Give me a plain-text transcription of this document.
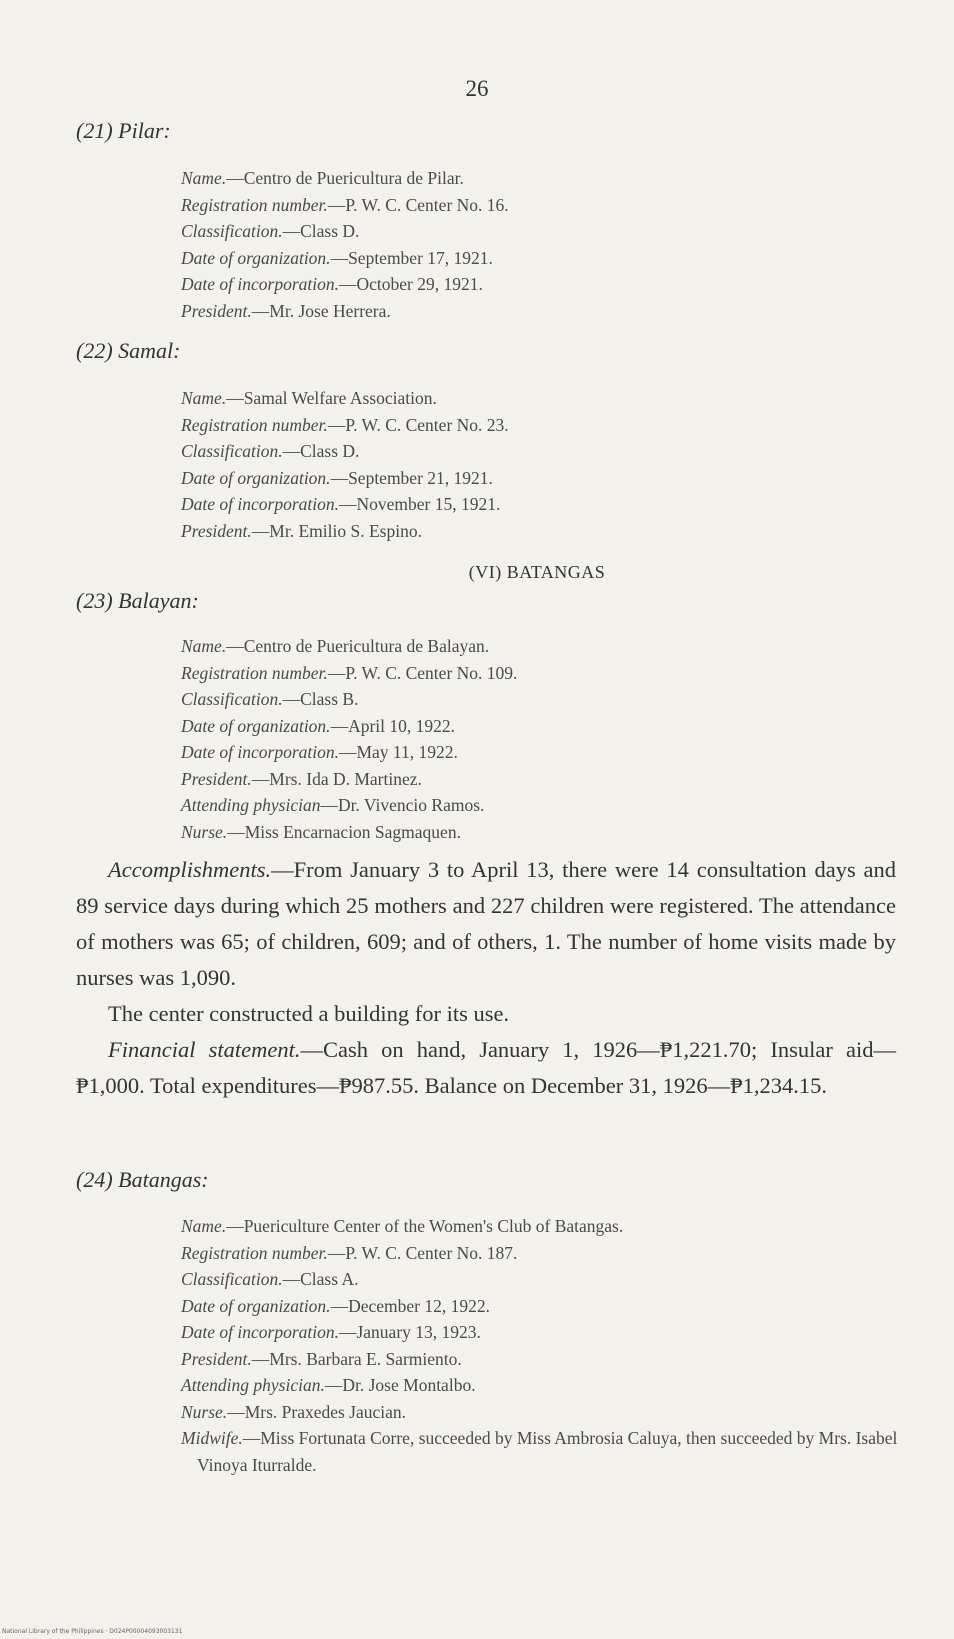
26
(21) Pilar:
Name.—Centro de Puericultura de Pilar.
Registration number.—P. W. C. Center No. 16.
Classification.—Class D.
Date of organization.—September 17, 1921.
Date of incorporation.—October 29, 1921.
President.—Mr. Jose Herrera.
(22) Samal:
Name.—Samal Welfare Association.
Registration number.—P. W. C. Center No. 23.
Classification.—Class D.
Date of organization.—September 21, 1921.
Date of incorporation.—November 15, 1921.
President.—Mr. Emilio S. Espino.
(VI) BATANGAS
(23) Balayan:
Name.—Centro de Puericultura de Balayan.
Registration number.—P. W. C. Center No. 109.
Classification.—Class B.
Date of organization.—April 10, 1922.
Date of incorporation.—May 11, 1922.
President.—Mrs. Ida D. Martinez.
Attending physician—Dr. Vivencio Ramos.
Nurse.—Miss Encarnacion Sagmaquen.

Accomplishments.—From January 3 to April 13, there were 14 consultation days and 89 service days during which 25 mothers and 227 children were registered. The attendance of mothers was 65; of children, 609; and of others, 1. The number of home visits made by nurses was 1,090.

The center constructed a building for its use.

Financial statement.—Cash on hand, January 1, 1926—₱1,221.70; Insular aid—₱1,000. Total expenditures—₱987.55. Balance on December 31, 1926—₱1,234.15.

(24) Batangas:
Name.—Puericulture Center of the Women's Club of Batangas.
Registration number.—P. W. C. Center No. 187.
Classification.—Class A.
Date of organization.—December 12, 1922.
Date of incorporation.—January 13, 1923.
President.—Mrs. Barbara E. Sarmiento.
Attending physician.—Dr. Jose Montalbo.
Nurse.—Mrs. Praxedes Jaucian.
Midwife.—Miss Fortunata Corre, succeeded by Miss Ambrosia Caluya, then succeeded by Mrs. Isabel Vinoya Iturralde.
National Library of the Philippines · D024P00004093003131
